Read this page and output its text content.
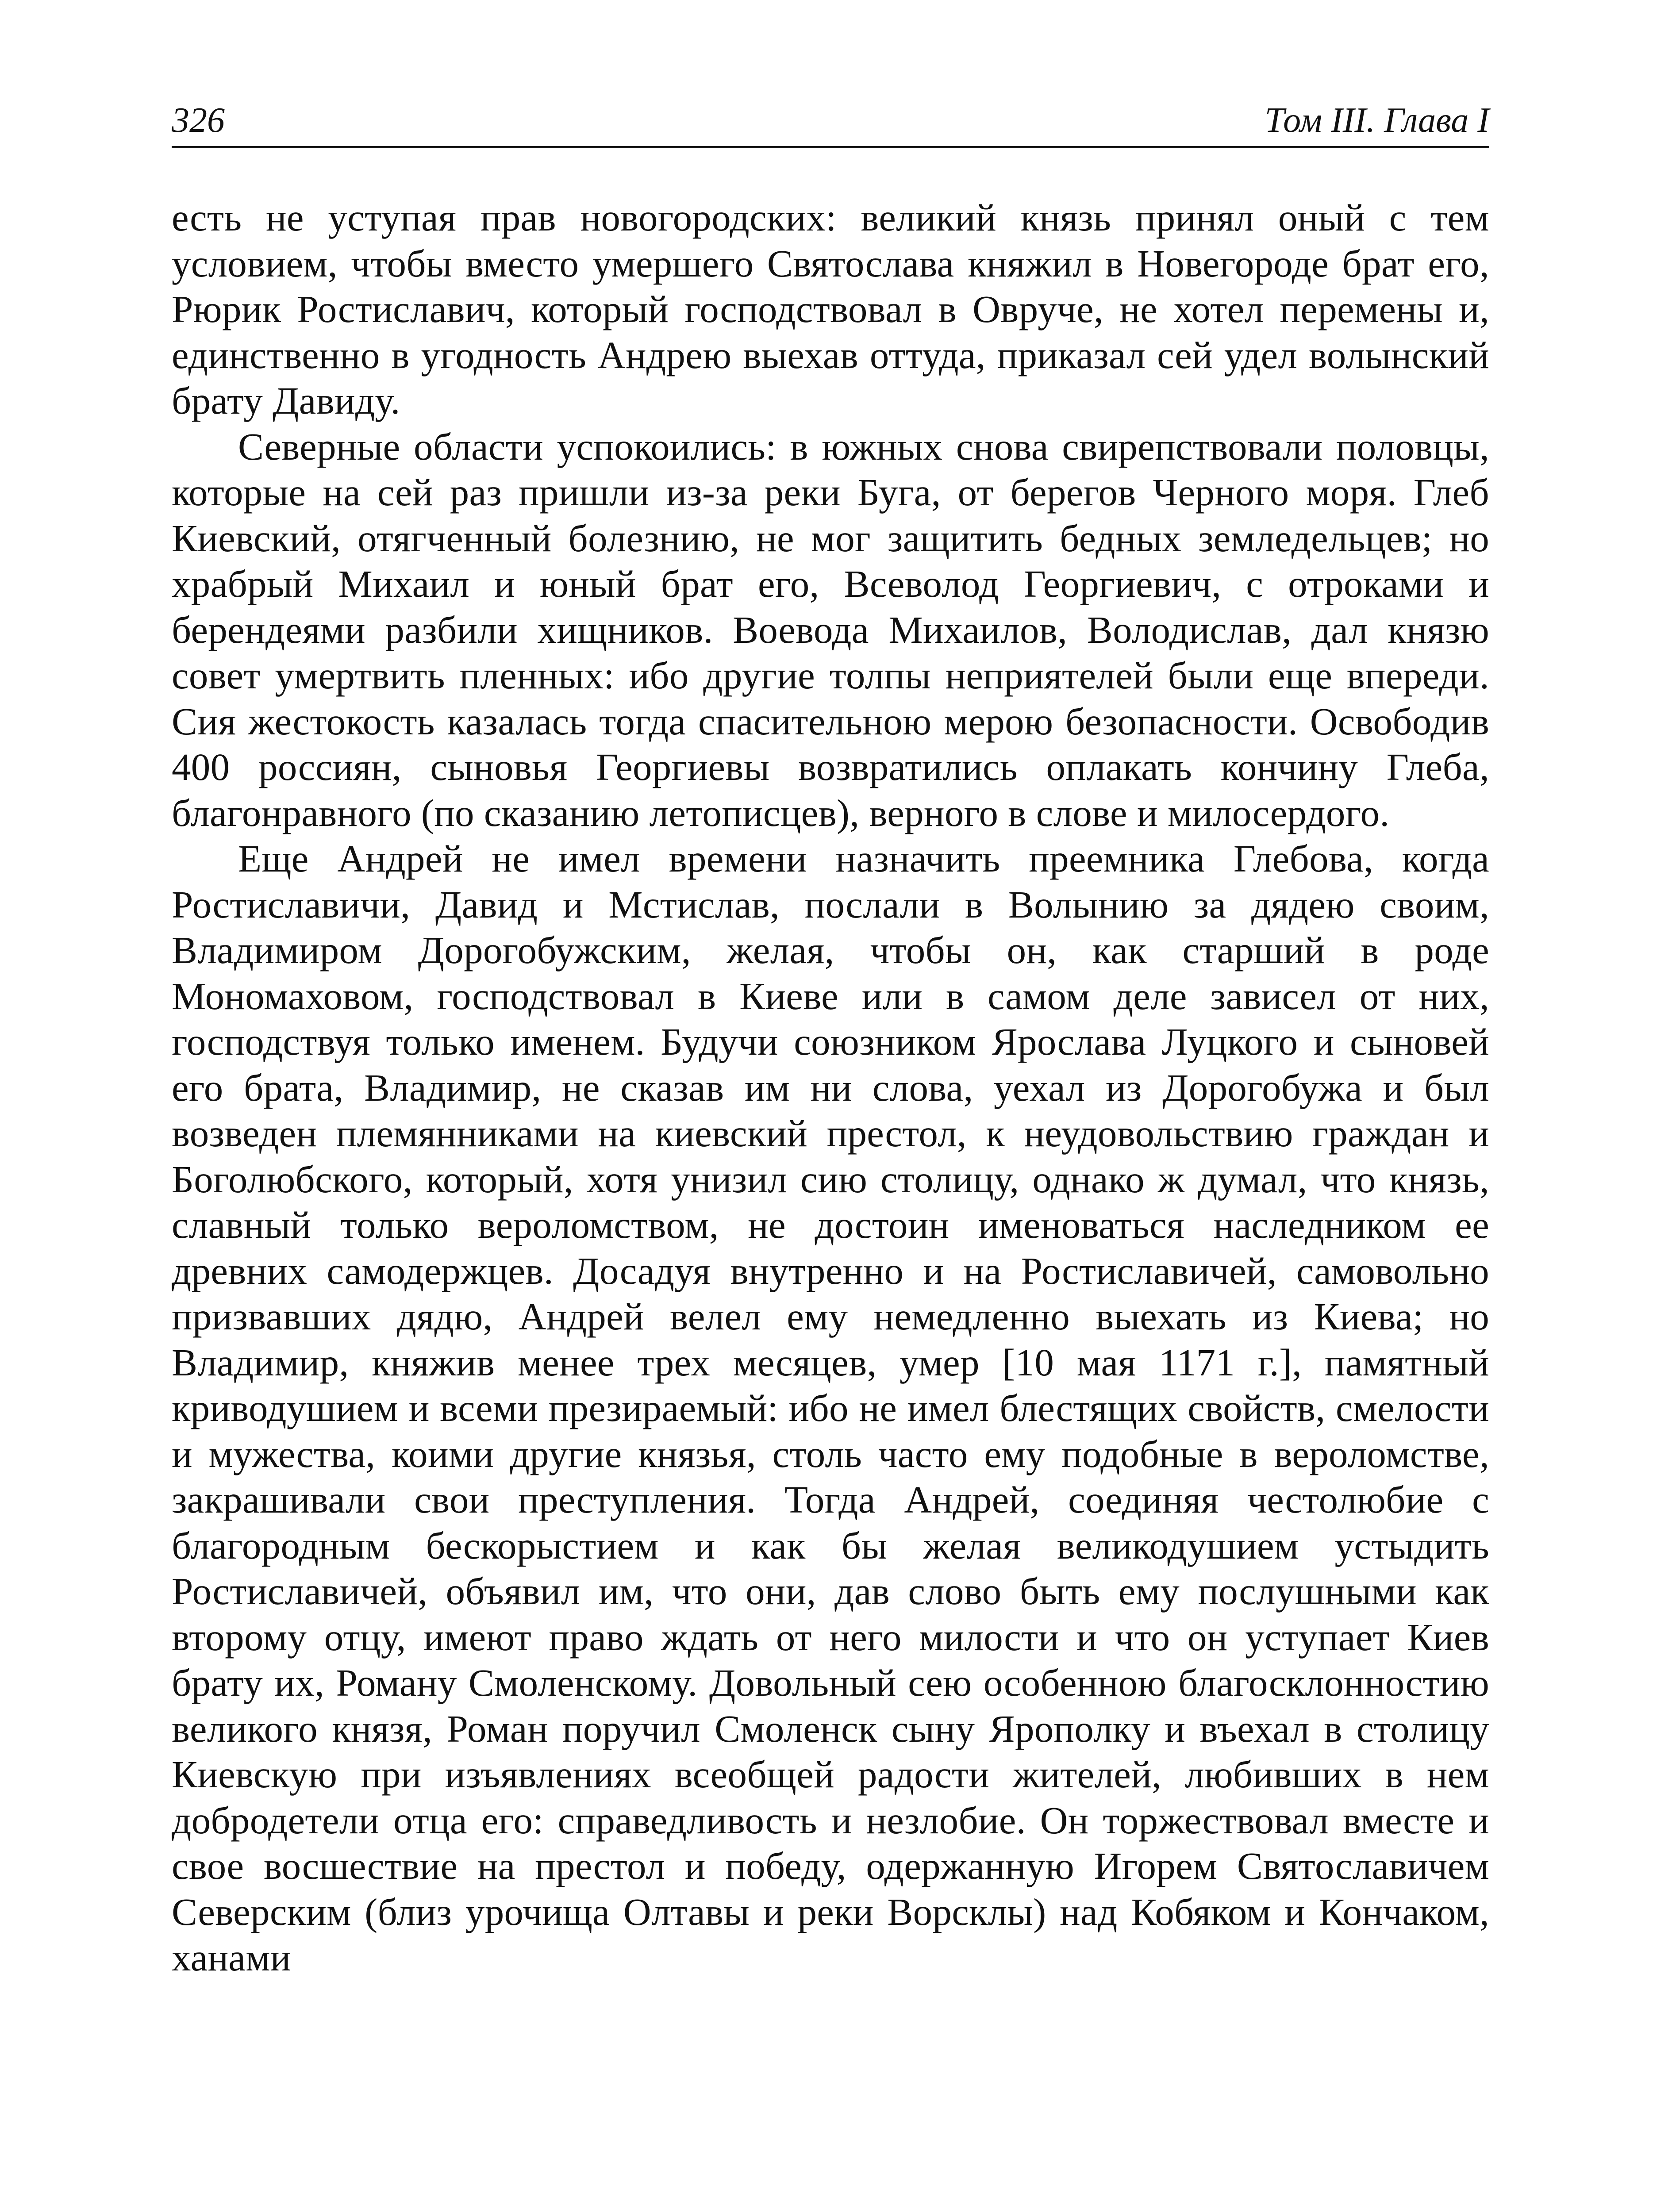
326	Том III. Глава I

есть не уступая прав новогородских: великий князь принял оный с тем условием, чтобы вместо умершего Святослава княжил в Новегороде брат его, Рюрик Ростиславич, который господствовал в Овруче, не хотел перемены и, единственно в угодность Андрею выехав оттуда, приказал сей удел волынский брату Давиду.

Северные области успокоились: в южных снова свирепствовали половцы, которые на сей раз пришли из-за реки Буга, от берегов Черного моря. Глеб Киевский, отягченный болезнию, не мог защитить бедных земледельцев; но храбрый Михаил и юный брат его, Всеволод Георгиевич, с отроками и берендеями разбили хищников. Воевода Михаилов, Володислав, дал князю совет умертвить пленных: ибо другие толпы неприятелей были еще впереди. Сия жестокость казалась тогда спасительною мерою безопасности. Освободив 400 россиян, сыновья Георгиевы возвратились оплакать кончину Глеба, благонравного (по сказанию летописцев), верного в слове и милосердого.

Еще Андрей не имел времени назначить преемника Глебова, когда Ростиславичи, Давид и Мстислав, послали в Волынию за дядею своим, Владимиром Дорогобужским, желая, чтобы он, как старший в роде Мономаховом, господствовал в Киеве или в самом деле зависел от них, господствуя только именем. Будучи союзником Ярослава Луцкого и сыновей его брата, Владимир, не сказав им ни слова, уехал из Дорогобужа и был возведен племянниками на киевский престол, к неудовольствию граждан и Боголюбского, который, хотя унизил сию столицу, однако ж думал, что князь, славный только вероломством, не достоин именоваться наследником ее древних самодержцев. Досадуя внутренно и на Ростиславичей, самовольно призвавших дядю, Андрей велел ему немедленно выехать из Киева; но Владимир, княжив менее трех месяцев, умер [10 мая 1171 г.], памятный криводушием и всеми презираемый: ибо не имел блестящих свойств, смелости и мужества, коими другие князья, столь часто ему подобные в вероломстве, закрашивали свои преступления. Тогда Андрей, соединяя честолюбие с благородным бескорыстием и как бы желая великодушием устыдить Ростиславичей, объявил им, что они, дав слово быть ему послушными как второму отцу, имеют право ждать от него милости и что он уступает Киев брату их, Роману Смоленскому. Довольный сею особенною благосклонностию великого князя, Роман поручил Смоленск сыну Ярополку и въехал в столицу Киевскую при изъявлениях всеобщей радости жителей, любивших в нем добродетели отца его: справедливость и незлобие. Он торжествовал вместе и свое восшествие на престол и победу, одержанную Игорем Святославичем Северским (близ урочища Олтавы и реки Ворсклы) над Кобяком и Кончаком, ханами
